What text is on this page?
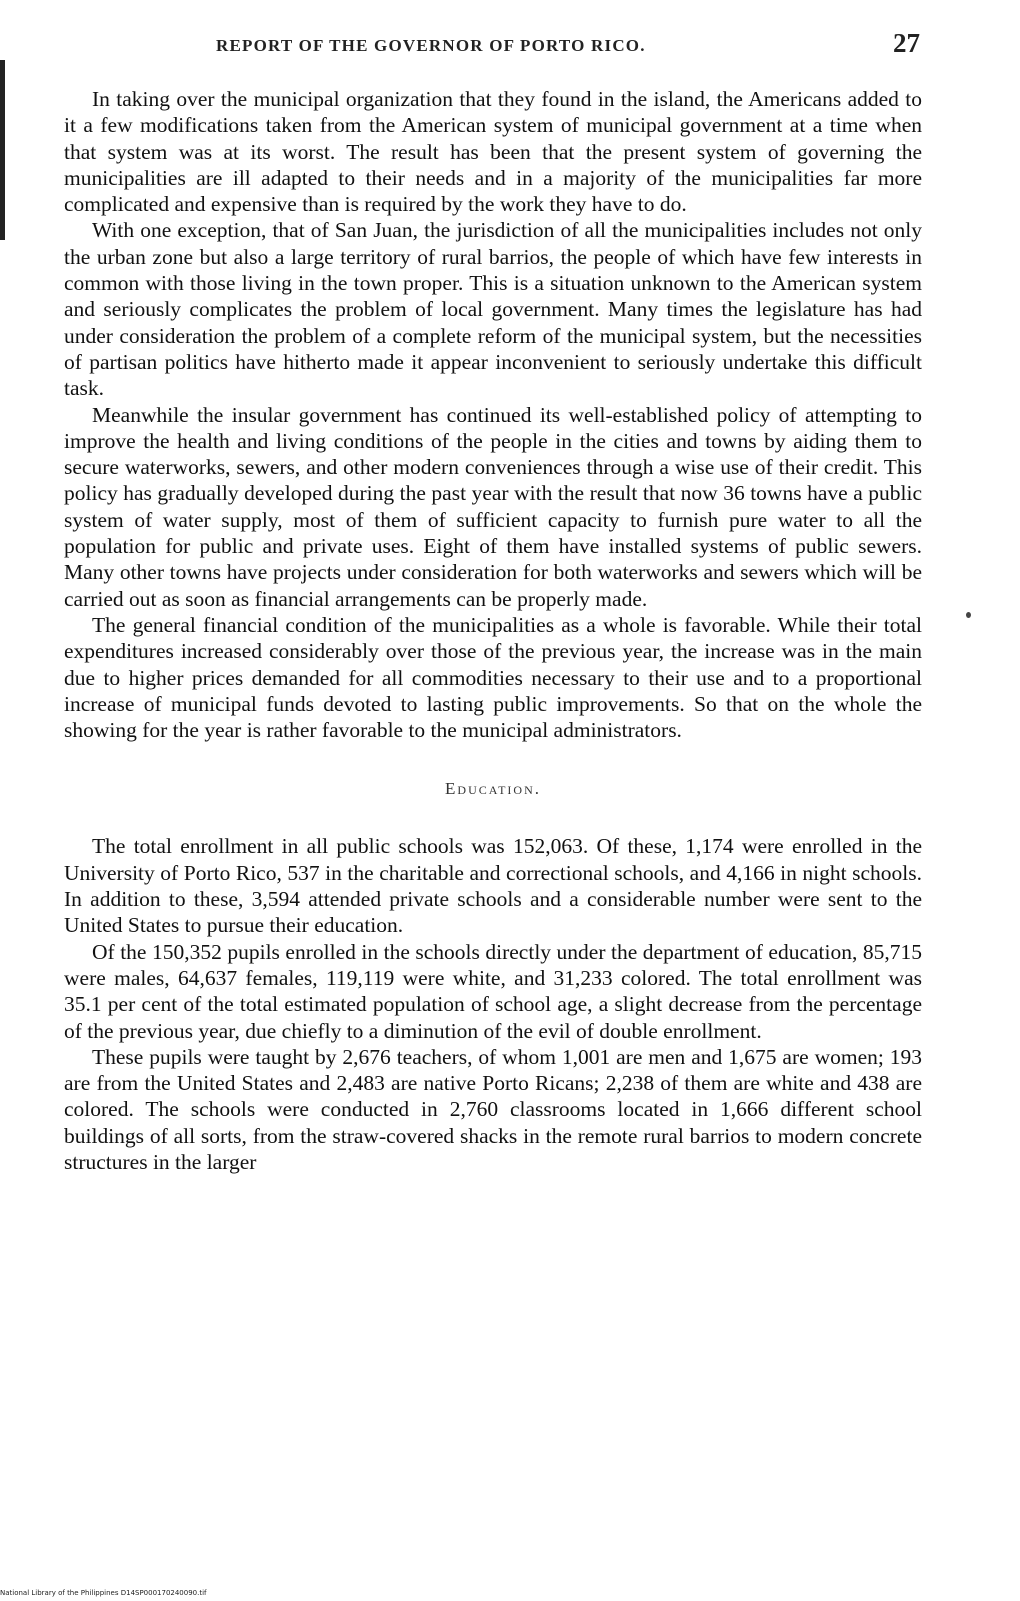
REPORT OF THE GOVERNOR OF PORTO RICO.	27

In taking over the municipal organization that they found in the island, the Americans added to it a few modifications taken from the American system of municipal government at a time when that system was at its worst. The result has been that the present system of governing the municipalities are ill adapted to their needs and in a majority of the municipalities far more complicated and expensive than is required by the work they have to do.

With one exception, that of San Juan, the jurisdiction of all the municipalities includes not only the urban zone but also a large territory of rural barrios, the people of which have few interests in common with those living in the town proper. This is a situation unknown to the American system and seriously complicates the problem of local government. Many times the legislature has had under consideration the problem of a complete reform of the municipal system, but the necessities of partisan politics have hitherto made it appear inconvenient to seriously undertake this difficult task.

Meanwhile the insular government has continued its well-established policy of attempting to improve the health and living conditions of the people in the cities and towns by aiding them to secure waterworks, sewers, and other modern conveniences through a wise use of their credit. This policy has gradually developed during the past year with the result that now 36 towns have a public system of water supply, most of them of sufficient capacity to furnish pure water to all the population for public and private uses. Eight of them have installed systems of public sewers. Many other towns have projects under consideration for both waterworks and sewers which will be carried out as soon as financial arrangements can be properly made.

The general financial condition of the municipalities as a whole is favorable. While their total expenditures increased considerably over those of the previous year, the increase was in the main due to higher prices demanded for all commodities necessary to their use and to a proportional increase of municipal funds devoted to lasting public improvements. So that on the whole the showing for the year is rather favorable to the municipal administrators.

Education.

The total enrollment in all public schools was 152,063. Of these, 1,174 were enrolled in the University of Porto Rico, 537 in the charitable and correctional schools, and 4,166 in night schools. In addition to these, 3,594 attended private schools and a considerable number were sent to the United States to pursue their education.

Of the 150,352 pupils enrolled in the schools directly under the department of education, 85,715 were males, 64,637 females, 119,119 were white, and 31,233 colored. The total enrollment was 35.1 per cent of the total estimated population of school age, a slight decrease from the percentage of the previous year, due chiefly to a diminution of the evil of double enrollment.

These pupils were taught by 2,676 teachers, of whom 1,001 are men and 1,675 are women; 193 are from the United States and 2,483 are native Porto Ricans; 2,238 of them are white and 438 are colored. The schools were conducted in 2,760 classrooms located in 1,666 different school buildings of all sorts, from the straw-covered shacks in the remote rural barrios to modern concrete structures in the larger

National Library of the Philippines D14SP000170240090.tif
